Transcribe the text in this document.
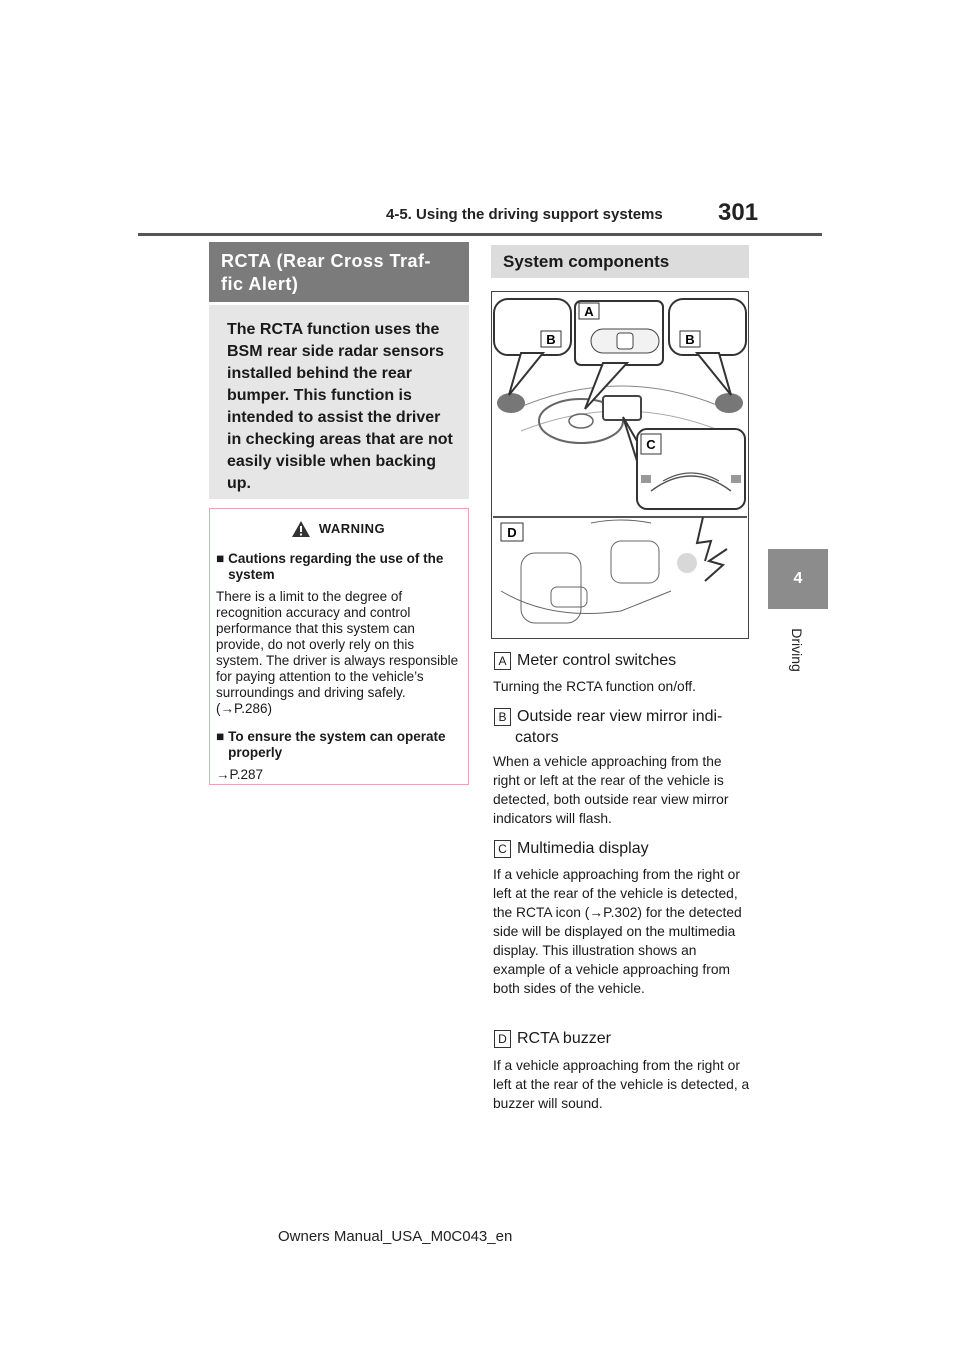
4-5. Using the driving support systems 301
4
Driving
RCTA (Rear Cross Traf-
fic Alert)
The RCTA function uses the BSM rear side radar sensors installed behind the rear bumper. This function is intended to assist the driver in checking areas that are not easily visible when backing up.
WARNING
■ Cautions regarding the use of the system
There is a limit to the degree of recognition accuracy and control performance that this system can provide, do not overly rely on this system. The driver is always responsible for paying attention to the vehicle’s surroundings and driving safely. (→P.286)
■ To ensure the system can operate properly
→P.287
System components
B	B
A
C
D
A Meter control switches
Turning the RCTA function on/off.
B Outside rear view mirror indi-
cators
When a vehicle approaching from the right or left at the rear of the vehicle is detected, both outside rear view mirror indicators will flash.
C Multimedia display
If a vehicle approaching from the right or left at the rear of the vehicle is detected, the RCTA icon (→P.302) for the detected side will be displayed on the multimedia display. This illustration shows an example of a vehicle approaching from both sides of the vehicle.
D RCTA buzzer
If a vehicle approaching from the right or left at the rear of the vehicle is detected, a buzzer will sound.
Owners Manual_USA_M0C043_en
